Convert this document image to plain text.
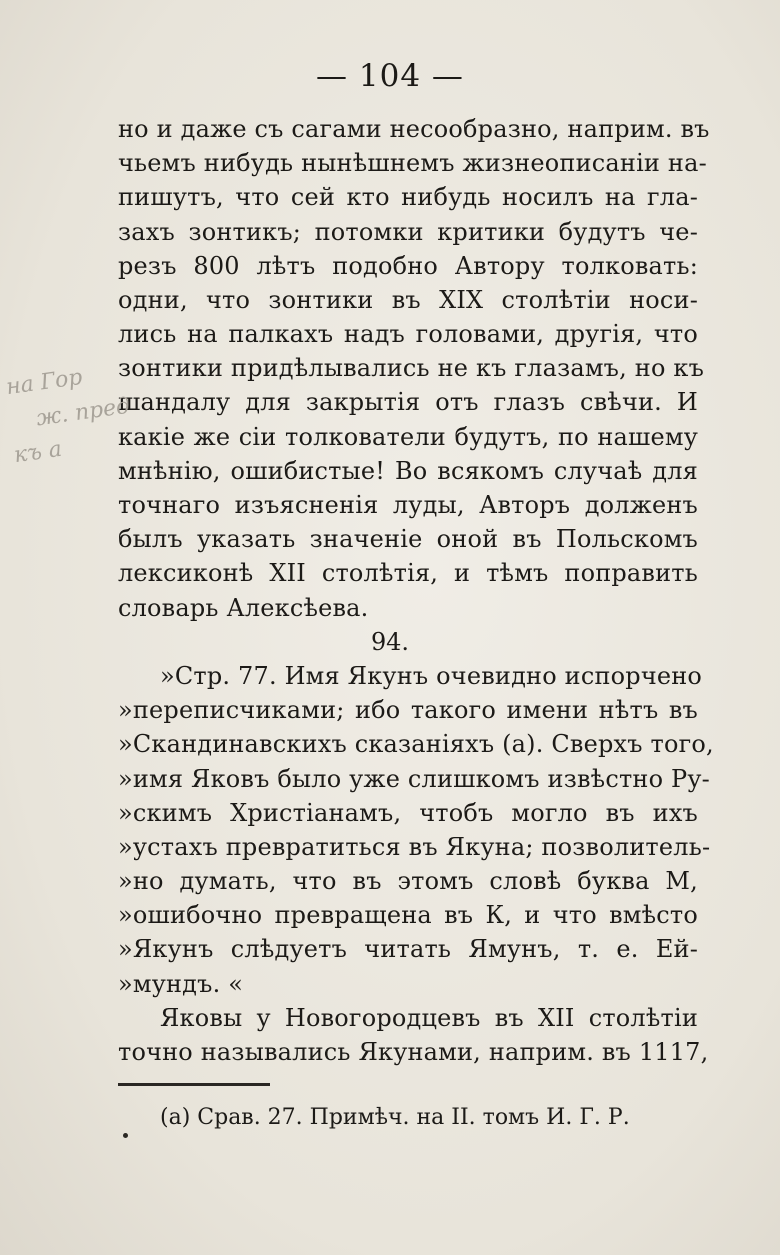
— 104 —
но и даже съ сагами несообразно, наприм. въ
чьемъ нибудь нынѣшнемъ жизнеописаніи на-
пишутъ, что сей кто нибудь носилъ на гла-
захъ зонтикъ; потомки критики будутъ че-
резъ 800 лѣтъ подобно Автору толковать:
одни, что зонтики въ XIX столѣтіи носи-
лись на палкахъ надъ головами, другія, что
зонтики придѣлывались не къ глазамъ, но къ
шандалу для закрытія отъ глазъ свѣчи. И
какіе же сіи толкователи будутъ, по нашему
мнѣнію, ошибистые! Во всякомъ случаѣ для
точнаго изъясненія луды, Авторъ долженъ
былъ указать значеніе оной въ Польскомъ
лексиконѣ XII столѣтія, и тѣмъ поправить
словарь Алексѣева.
94.
»Стр. 77. Имя Якунъ очевидно испорчено
»переписчиками; ибо такого имени нѣтъ въ
»Скандинавскихъ сказаніяхъ (а). Сверхъ того,
»имя Яковъ было уже слишкомъ извѣстно Ру-
»скимъ Христіанамъ, чтобъ могло въ ихъ
»устахъ превратиться въ Якуна; позволитель-
»но думать, что въ этомъ словѣ буква М,
»ошибочно превращена въ К, и что вмѣсто
»Якунъ слѣдуетъ читать Ямунъ, т. е. Ей-
»мундъ. «
Яковы у Новогородцевъ въ XII столѣтіи
точно назывались Якунами, наприм. въ 1117,
на Гор
ж. пред
къ а
(а) Срав. 27. Примѣч. на II. томъ И. Г. Р.
